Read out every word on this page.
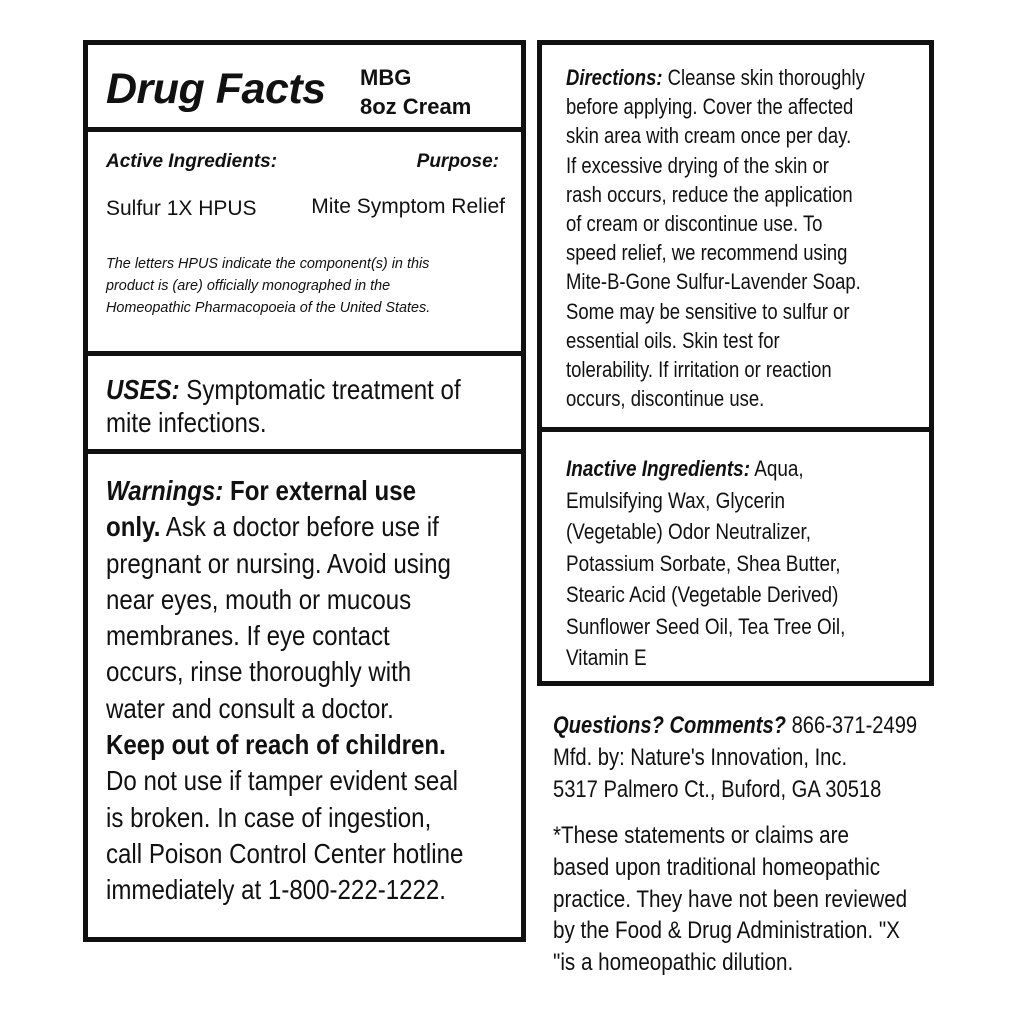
Drug Facts MBG

8oz Cream

Active Ingredients:	Purpose:
Sulfur 1X HPUS	Mite Symptom Relief

The letters HPUS indicate the component(s) in this

product is (are) officially monographed in the

Homeopathic Pharmacopoeia of the United States.

USES: Symptomatic treatment of

mite infections.

Warnings: For external use

only. Ask a doctor before use if

pregnant or nursing. Avoid using

near eyes, mouth or mucous

membranes. If eye contact

occurs, rinse thoroughly with

water and consult a doctor.

Keep out of reach of children.

Do not use if tamper evident seal

is broken. In case of ingestion,

call Poison Control Center hotline

immediately at 1-800-222-1222.

Directions: Cleanse skin thoroughly

before applying. Cover the affected

skin area with cream once per day.

If excessive drying of the skin or

rash occurs, reduce the application

of cream or discontinue use. To

speed relief, we recommend using

Mite-B-Gone Sulfur-Lavender Soap.

Some may be sensitive to sulfur or

essential oils. Skin test for

tolerability. If irritation or reaction

occurs, discontinue use.

Inactive Ingredients: Aqua,

Emulsifying Wax, Glycerin

(Vegetable) Odor Neutralizer,

Potassium Sorbate, Shea Butter,

Stearic Acid (Vegetable Derived)

Sunflower Seed Oil, Tea Tree Oil,

Vitamin E

Questions? Comments? 866-371-2499

Mfd. by: Nature's Innovation, Inc.

5317 Palmero Ct., Buford, GA 30518

*These statements or claims are

based upon traditional homeopathic

practice. They have not been reviewed

by the Food & Drug Administration. "X

"is a homeopathic dilution.
